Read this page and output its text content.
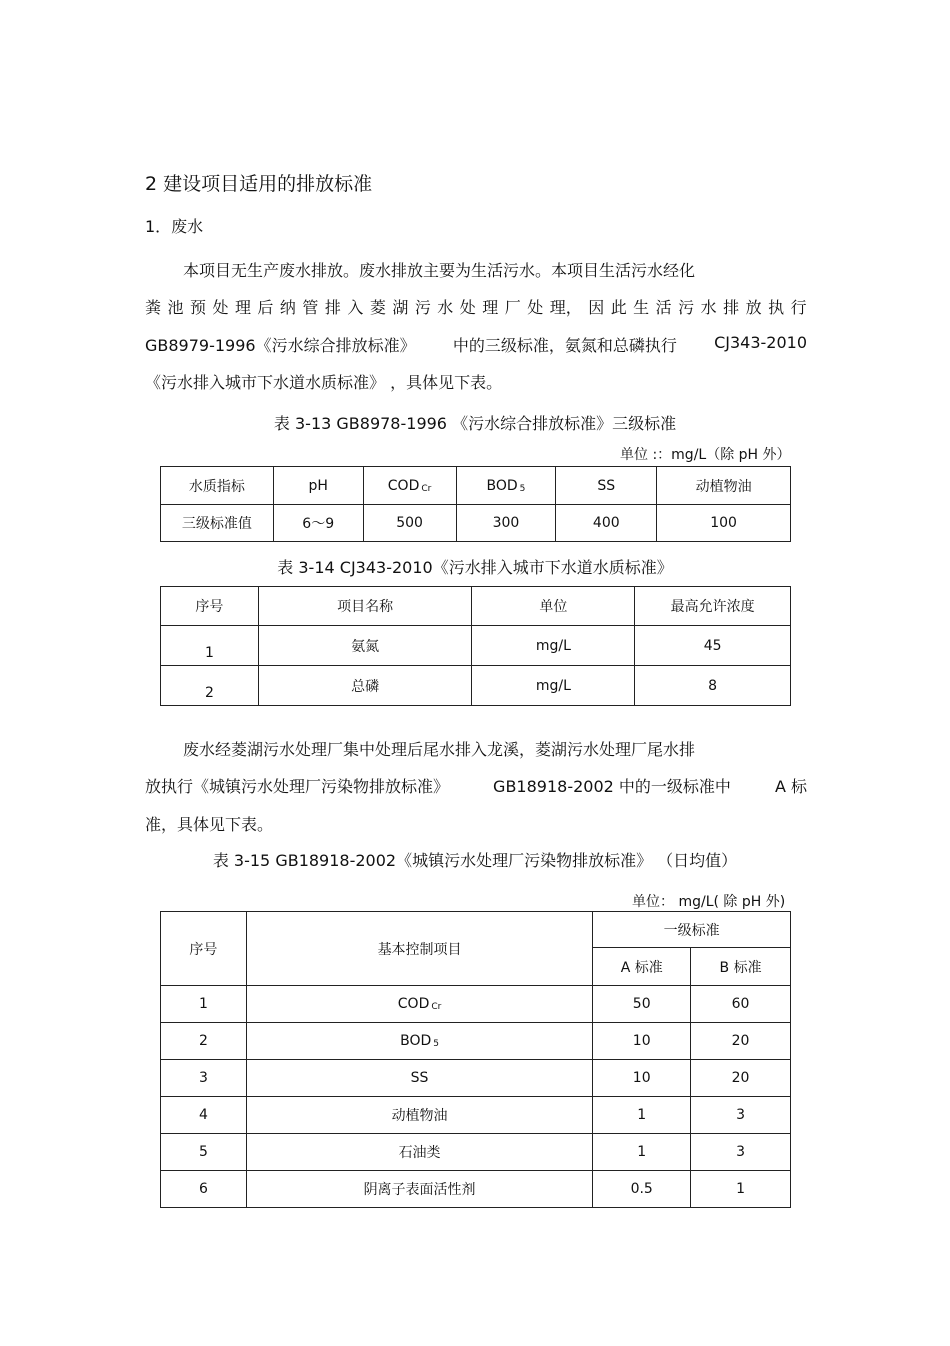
2 建设项目适用的排放标准
1．废水
本项目无生产废水排放。废水排放主要为生活污水。本项目生活污水经化
粪 池 预 处 理 后 纳 管 排 入 菱 湖 污 水 处 理 厂 处 理， 因 此 生 活 污 水 排 放 执 行
GB8979-1996《污水综合排放标准》 中的三级标准，氨氮和总磷执行 CJ343-2010
《污水排入城市下水道水质标准》 ，具体见下表。
表 3-13 GB8978-1996 《污水综合排放标准》三级标准
单位 :：mg/L（除 pH 外）
水质指标	pH	COD $_{Cr}$	BOD $_5$	SS	动植物油
三级标准值	6～9	500	300	400	100
表 3-14 CJ343-2010《污水排入城市下水道水质标准》
序号	项目名称	单位	最高允许浓度
1	氨氮	mg/L	45
2	总磷	mg/L	8
废水经菱湖污水处理厂集中处理后尾水排入龙溪，菱湖污水处理厂尾水排
放执行《城镇污水处理厂污染物排放标准》	GB18918-2002 中的一级标准中	A 标
准，具体见下表。
表 3-15 GB18918-2002《城镇污水处理厂污染物排放标准》 （日均值）
单位： mg/L( 除 pH 外)
序号	基本控制项目	一级标准	
		A 标准	B 标准
1	COD $_{Cr}$	50	60
2	BOD $_5$	10	20
3	SS	10	20
4	动植物油	1	3
5	石油类	1	3
6	阴离子表面活性剂	0.5	1
